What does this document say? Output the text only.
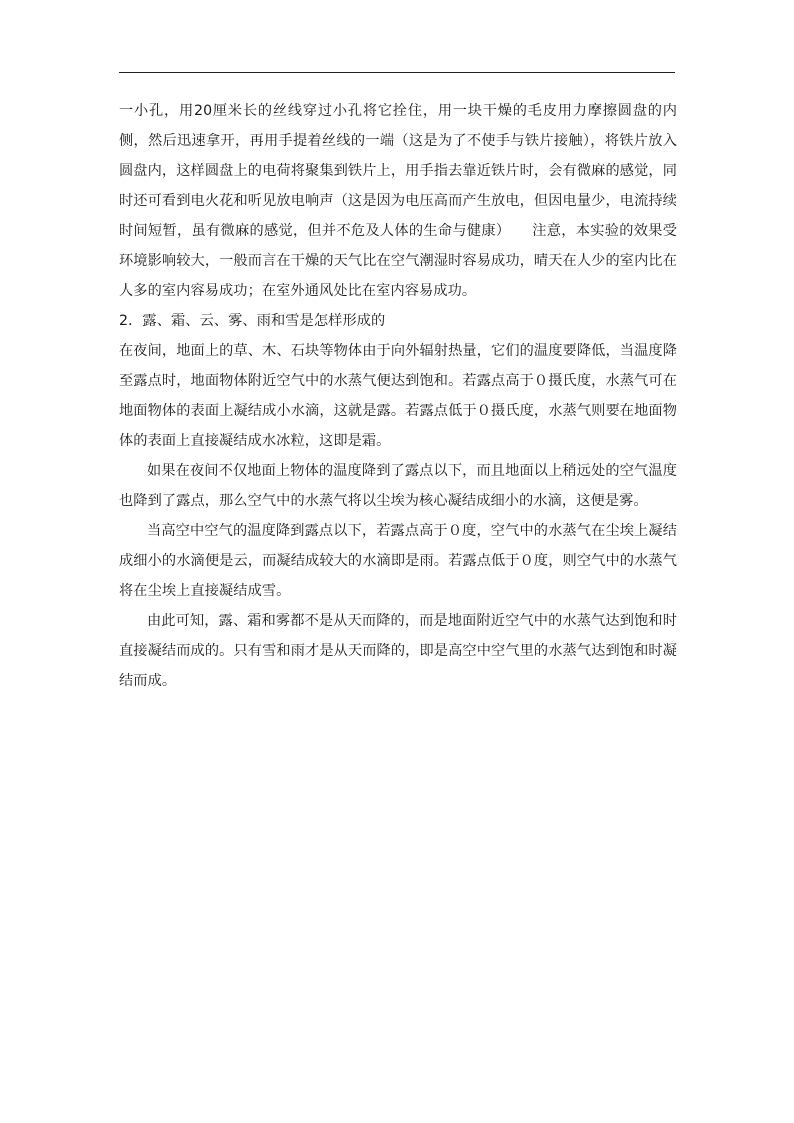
一小孔，用20厘米长的丝线穿过小孔将它拴住，用一块干燥的毛皮用力摩擦圆盘的内侧，然后迅速拿开，再用手提着丝线的一端（这是为了不使手与铁片接触），将铁片放入圆盘内，这样圆盘上的电荷将聚集到铁片上，用手指去靠近铁片时，会有微麻的感觉，同时还可看到电火花和听见放电响声（这是因为电压高而产生放电，但因电量少，电流持续时间短暂，虽有微麻的感觉，但并不危及人体的生命与健康）　　注意，本实验的效果受环境影响较大，一般而言在干燥的天气比在空气潮湿时容易成功，晴天在人少的室内比在人多的室内容易成功；在室外通风处比在室内容易成功。

2．露、霜、云、雾、雨和雪是怎样形成的

在夜间，地面上的草、木、石块等物体由于向外辐射热量，它们的温度要降低，当温度降至露点时，地面物体附近空气中的水蒸气便达到饱和。若露点高于０摄氏度，水蒸气可在地面物体的表面上凝结成小水滴，这就是露。若露点低于０摄氏度，水蒸气则要在地面物体的表面上直接凝结成水冰粒，这即是霜。

如果在夜间不仅地面上物体的温度降到了露点以下，而且地面以上稍远处的空气温度也降到了露点，那么空气中的水蒸气将以尘埃为核心凝结成细小的水滴，这便是雾。

当高空中空气的温度降到露点以下，若露点高于０度，空气中的水蒸气在尘埃上凝结成细小的水滴便是云，而凝结成较大的水滴即是雨。若露点低于０度，则空气中的水蒸气将在尘埃上直接凝结成雪。

由此可知，露、霜和雾都不是从天而降的，而是地面附近空气中的水蒸气达到饱和时直接凝结而成的。只有雪和雨才是从天而降的，即是高空中空气里的水蒸气达到饱和时凝结而成。
